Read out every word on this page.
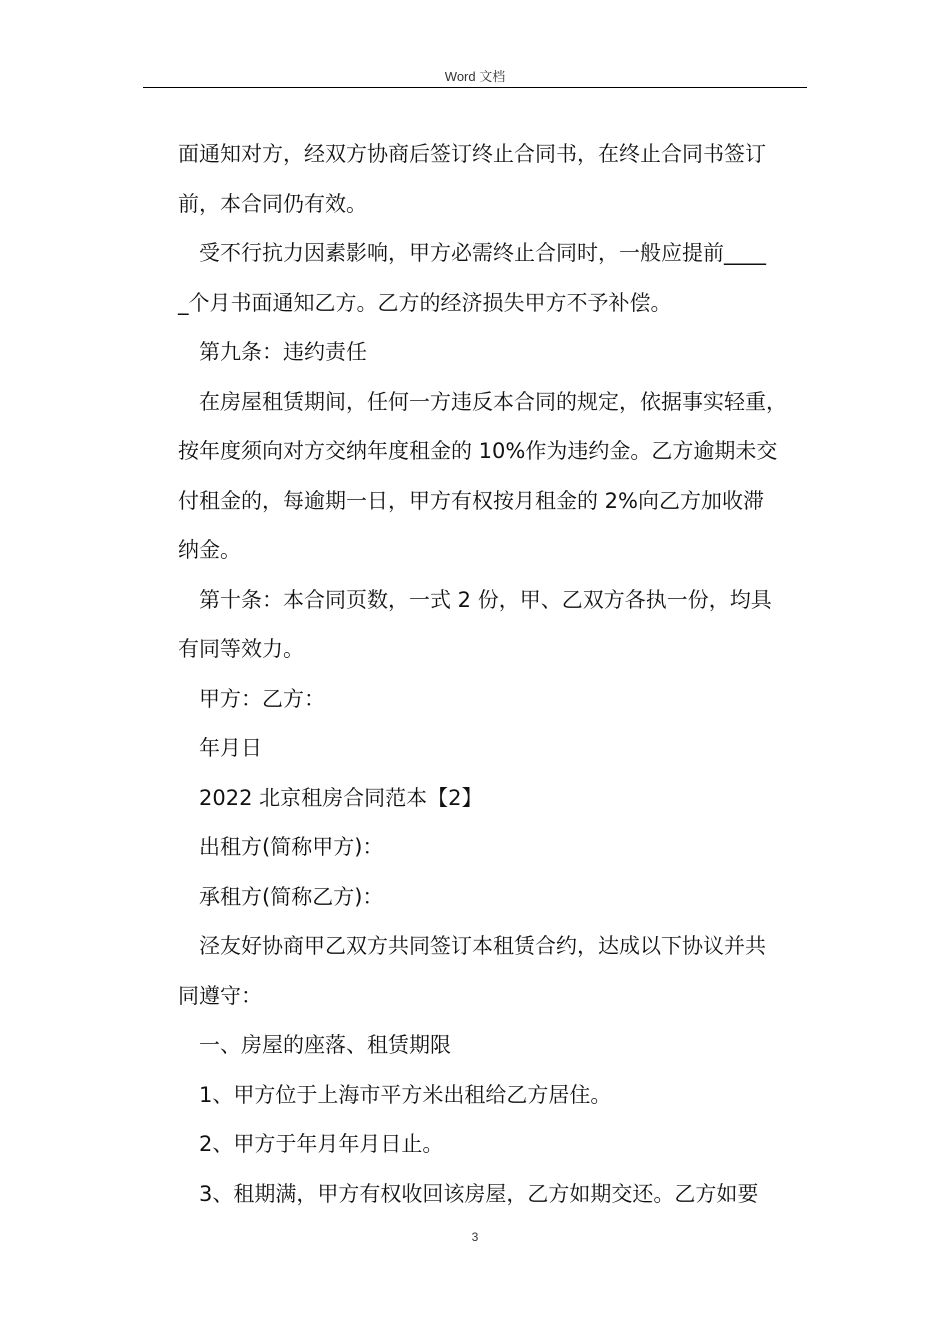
Word 文档
面通知对方，经双方协商后签订终止合同书，在终止合同书签订
前，本合同仍有效。
受不行抗力因素影响，甲方必需终止合同时，一般应提前____
_个月书面通知乙方。乙方的经济损失甲方不予补偿。
第九条：违约责任
在房屋租赁期间，任何一方违反本合同的规定，依据事实轻重，
按年度须向对方交纳年度租金的 10%作为违约金。乙方逾期未交
付租金的，每逾期一日，甲方有权按月租金的 2%向乙方加收滞
纳金。
第十条：本合同页数，一式 2 份，甲、乙双方各执一份，均具
有同等效力。
甲方：乙方：
年月日
2022 北京租房合同范本【2】
出租方(简称甲方)：
承租方(简称乙方)：
泾友好协商甲乙双方共同签订本租赁合约，达成以下协议并共
同遵守：
一、房屋的座落、租赁期限
1、甲方位于上海市平方米出租给乙方居住。
2、甲方于年月年月日止。
3、租期满，甲方有权收回该房屋，乙方如期交还。乙方如要
3
